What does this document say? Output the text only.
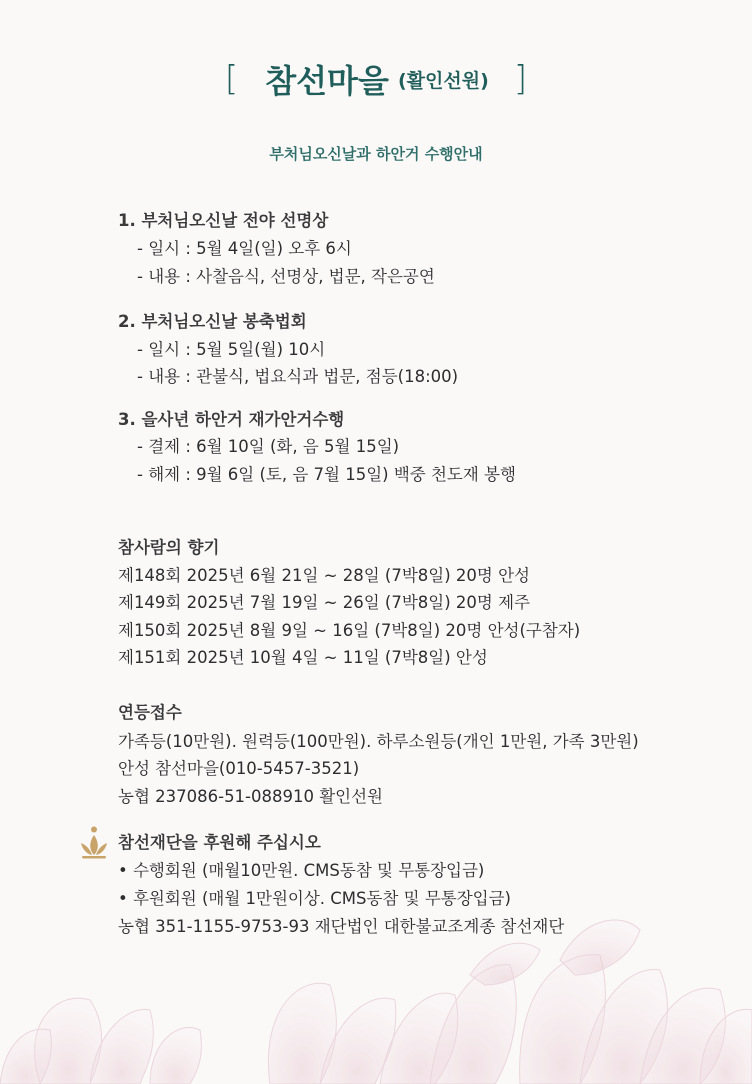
[ 참선마을 (활인선원) ]
부처님오신날과 하안거 수행안내
1. 부처님오신날 전야 선명상
- 일시 : 5월 4일(일) 오후 6시
- 내용 : 사찰음식, 선명상, 법문, 작은공연
2. 부처님오신날 봉축법회
- 일시 : 5월 5일(월) 10시
- 내용 : 관불식, 법요식과 법문, 점등(18:00)
3. 을사년 하안거 재가안거수행
- 결제 : 6월 10일 (화, 음 5월 15일)
- 해제 : 9월 6일 (토, 음 7월 15일) 백중 천도재 봉행
참사람의 향기
제148회 2025년 6월 21일 ~ 28일 (7박8일) 20명 안성
제149회 2025년 7월 19일 ~ 26일 (7박8일) 20명 제주
제150회 2025년 8월 9일 ~ 16일 (7박8일) 20명 안성(구참자)
제151회 2025년 10월 4일 ~ 11일 (7박8일) 안성
연등접수
가족등(10만원). 원력등(100만원). 하루소원등(개인 1만원, 가족 3만원)
안성 참선마을(010-5457-3521)
농협 237086-51-088910 활인선원
참선재단을 후원해 주십시오
• 수행회원 (매월10만원. CMS동참 및 무통장입금)
• 후원회원 (매월 1만원이상. CMS동참 및 무통장입금)
농협 351-1155-9753-93 재단법인 대한불교조계종 참선재단
